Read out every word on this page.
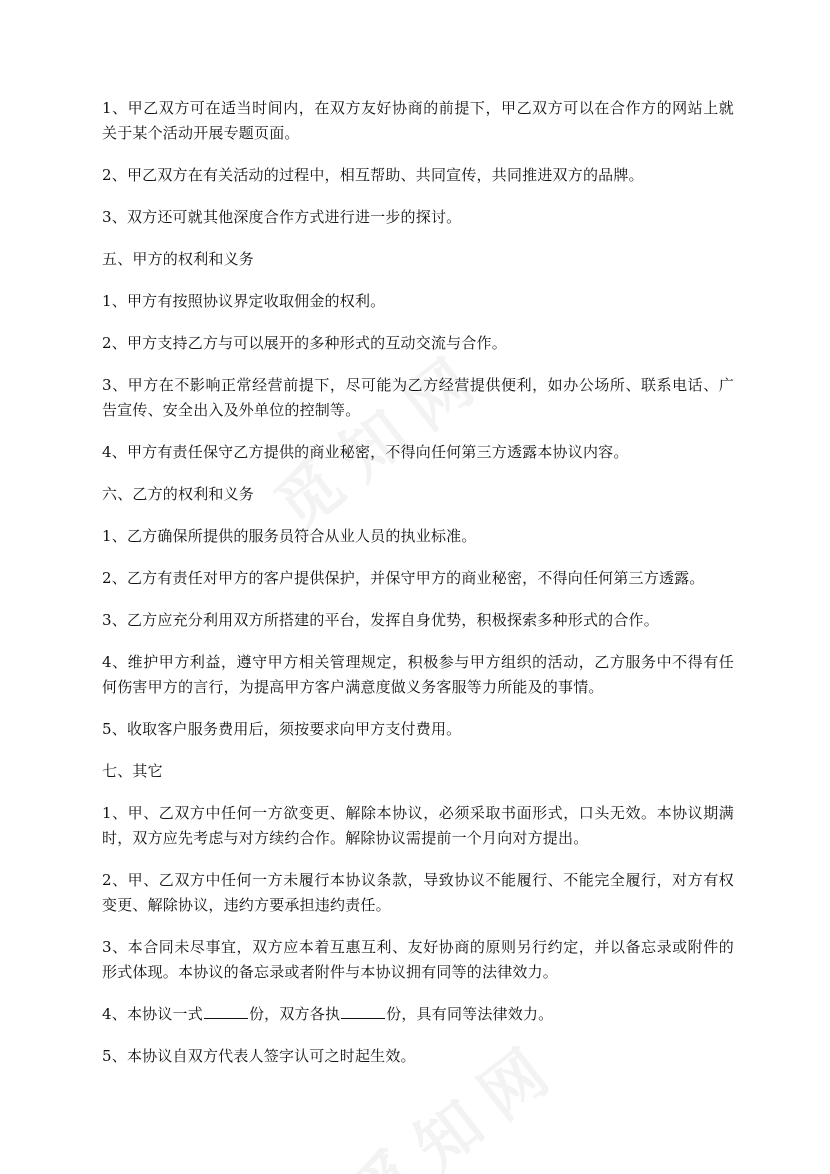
1、甲乙双方可在适当时间内，在双方友好协商的前提下，甲乙双方可以在合作方的网站上就关于某个活动开展专题页面。

2、甲乙双方在有关活动的过程中，相互帮助、共同宣传，共同推进双方的品牌。

3、双方还可就其他深度合作方式进行进一步的探讨。

五、甲方的权利和义务

1、甲方有按照协议界定收取佣金的权利。

2、甲方支持乙方与可以展开的多种形式的互动交流与合作。

3、甲方在不影响正常经营前提下，尽可能为乙方经营提供便利，如办公场所、联系电话、广告宣传、安全出入及外单位的控制等。

4、甲方有责任保守乙方提供的商业秘密，不得向任何第三方透露本协议内容。

六、乙方的权利和义务

1、乙方确保所提供的服务员符合从业人员的执业标准。

2、乙方有责任对甲方的客户提供保护，并保守甲方的商业秘密，不得向任何第三方透露。

3、乙方应充分利用双方所搭建的平台，发挥自身优势，积极探索多种形式的合作。

4、维护甲方利益，遵守甲方相关管理规定，积极参与甲方组织的活动，乙方服务中不得有任何伤害甲方的言行，为提高甲方客户满意度做义务客服等力所能及的事情。

5、收取客户服务费用后，须按要求向甲方支付费用。

七、其它

1、甲、乙双方中任何一方欲变更、解除本协议，必须采取书面形式，口头无效。本协议期满时，双方应先考虑与对方续约合作。解除协议需提前一个月向对方提出。

2、甲、乙双方中任何一方未履行本协议条款，导致协议不能履行、不能完全履行，对方有权变更、解除协议，违约方要承担违约责任。

3、本合同未尽事宜，双方应本着互惠互利、友好协商的原则另行约定，并以备忘录或附件的形式体现。本协议的备忘录或者附件与本协议拥有同等的法律效力。

4、本协议一式	份，双方各执	份，具有同等法律效力。

5、本协议自双方代表人签字认可之时起生效。
